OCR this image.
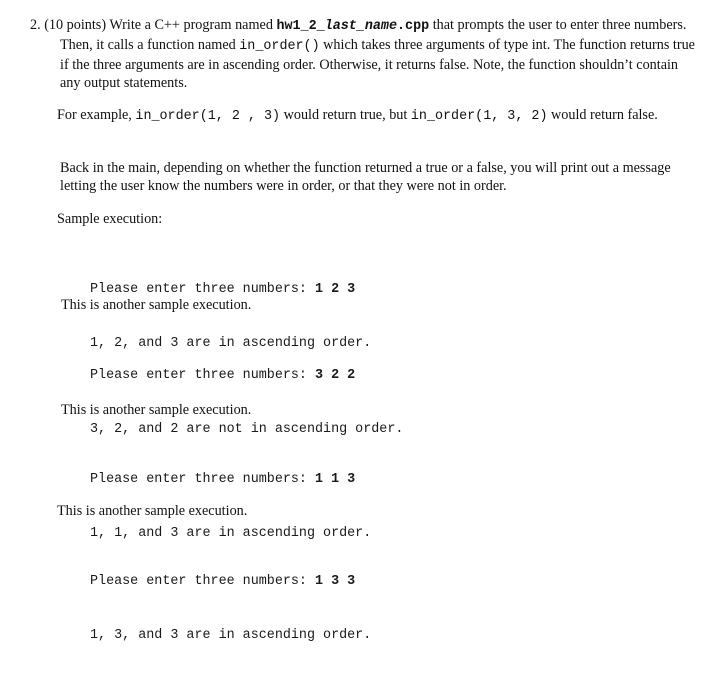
2. (10 points) Write a C++ program named hw1_2_last_name.cpp that prompts the user to enter three numbers. Then, it calls a function named in_order() which takes three arguments of type int. The function returns true if the three arguments are in ascending order. Otherwise, it returns false. Note, the function shouldn’t contain any output statements.
For example, in_order(1, 2 , 3) would return true, but in_order(1, 3, 2) would return false.
Back in the main, depending on whether the function returned a true or a false, you will print out a message letting the user know the numbers were in order, or that they were not in order.
Sample execution:

Please enter three numbers: 1 2 3

1, 2, and 3 are in ascending order.

This is another sample execution.

Please enter three numbers: 3 2 2

3, 2, and 2 are not in ascending order.

This is another sample execution.

Please enter three numbers: 1 1 3

1, 1, and 3 are in ascending order.

This is another sample execution.

Please enter three numbers: 1 3 3

1, 3, and 3 are in ascending order.
